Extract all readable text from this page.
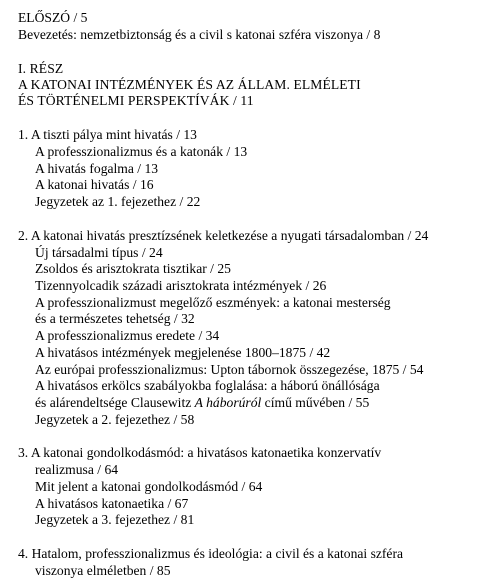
ELŐSZÓ / 5
Bevezetés: nemzetbiztonság és a civil s katonai szféra viszonya / 8
I. RÉSZ
A KATONAI INTÉZMÉNYEK ÉS AZ ÁLLAM. ELMÉLETI
ÉS TÖRTÉNELMI PERSPEKTÍVÁK / 11
1. A tiszti pálya mint hivatás / 13
A professzionalizmus és a katonák / 13
A hivatás fogalma / 13
A katonai hivatás / 16
Jegyzetek az 1. fejezethez / 22
2. A katonai hivatás presztízsének keletkezése a nyugati társadalomban / 24
Új társadalmi típus / 24
Zsoldos és arisztokrata tisztikar / 25
Tizennyolcadik századi arisztokrata intézmények / 26
A professzionalizmust megelőző eszmények: a katonai mesterség
és a természetes tehetség / 32
A professzionalizmus eredete / 34
A hivatásos intézmények megjelenése 1800–1875 / 42
Az európai professzionalizmus: Upton tábornok összegezése, 1875 / 54
A hivatásos erkölcs szabályokba foglalása: a háború önállósága
és alárendeltsége Clausewitz A háborúról című művében / 55
Jegyzetek a 2. fejezethez / 58
3. A katonai gondolkodásmód: a hivatásos katonaetika konzervatív
realizmusa / 64
Mit jelent a katonai gondolkodásmód / 64
A hivatásos katonaetika / 67
Jegyzetek a 3. fejezethez / 81
4. Hatalom, professzionalizmus és ideológia: a civil és a katonai szféra
viszonya elméletben / 85
